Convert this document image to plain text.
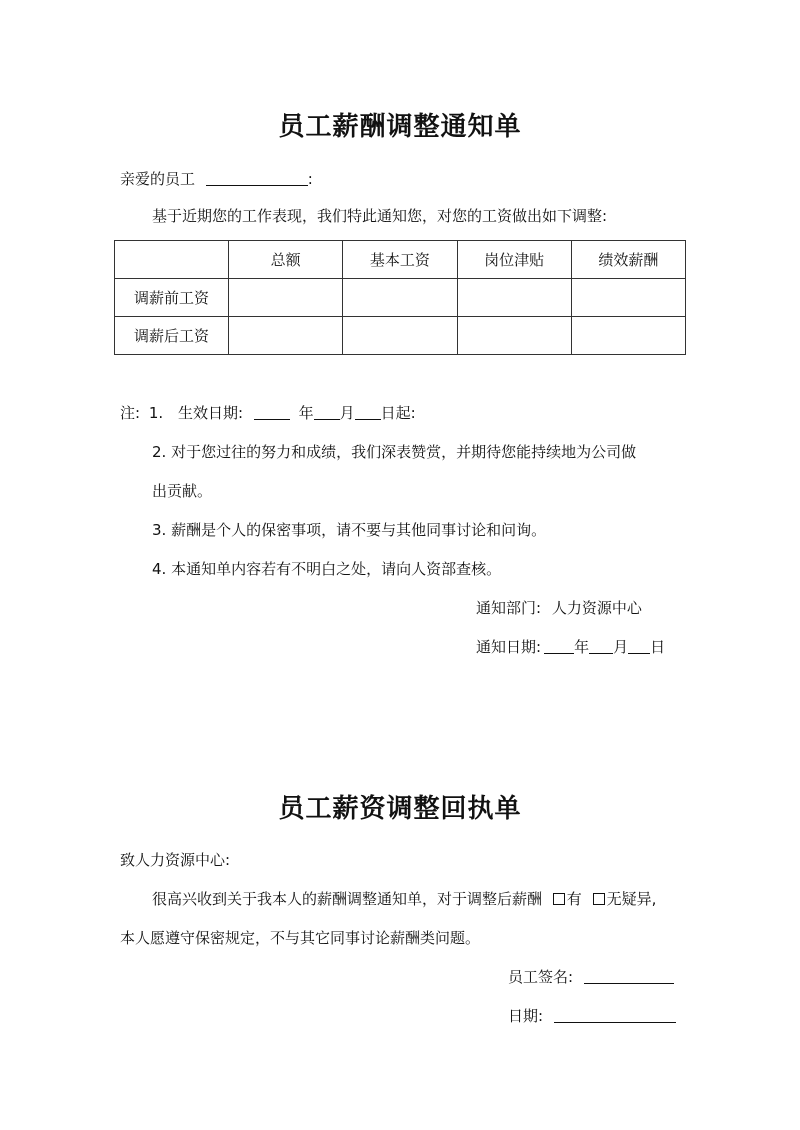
员工薪酬调整通知单
亲爱的员工	:
基于近期您的工作表现，我们特此通知您，对您的工资做出如下调整:
	总额	基本工资	岗位津贴	绩效薪酬
调薪前工资				
调薪后工资				
注: 1. 生效日期:	年 月 日起:
2. 对于您过往的努力和成绩，我们深表赞赏，并期待您能持续地为公司做
出贡献。
3. 薪酬是个人的保密事项，请不要与其他同事讨论和问询。
4. 本通知单内容若有不明白之处，请向人资部查核。
通知部门: 人力资源中心
通知日期: 年 月 日
员工薪资调整回执单
致人力资源中心:
很高兴收到关于我本人的薪酬调整通知单，对于调整后薪酬 有 无疑异,
本人愿遵守保密规定，不与其它同事讨论薪酬类问题。
员工签名:
日期:
